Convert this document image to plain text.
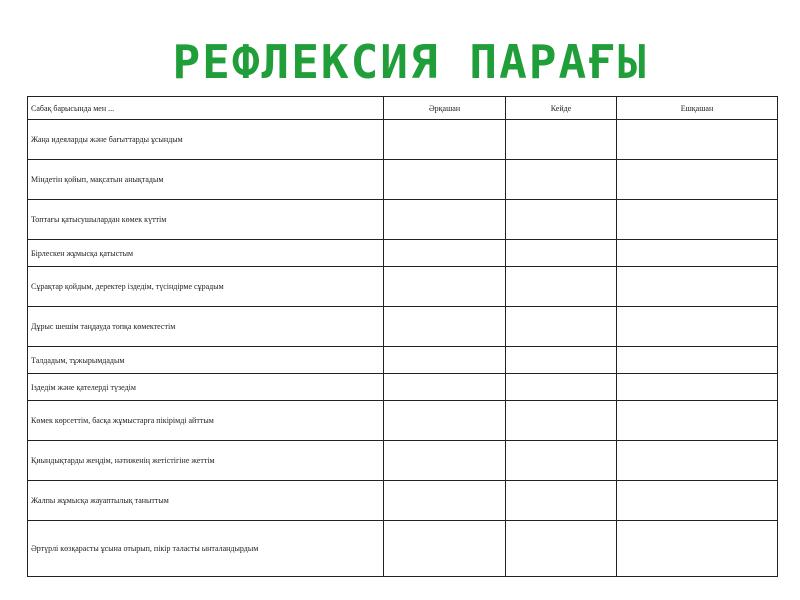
РЕФЛЕКСИЯ ПАРАҒЫ
Сабақ барысында мен ...	Әрқашан	Кейде	Ешқашан
Жаңа идеяларды және бағыттарды ұсындым			
Міндетін қойып, мақсатын анықтадым			
Топтағы қатысушылардан көмек күттім			
Бірлескен жұмысқа қатыстым			
Сұрақтар қойдым, деректер іздедім, түсіндірме сұрадым			
Дұрыс шешім таңдауда топқа көмектестім			
Талдадым, тұжырымдадым			
Іздедім және қателерді түзедім			
Көмек көрсеттім, басқа жұмыстарға пікірімді айттым			
Қиындықтарды жеңдім, нәтиженің жетістігіне жеттім			
Жалпы жұмысқа жауаптылық таныттым			
Әртүрлі көзқарасты ұсына отырып, пікір таласты ынталандырдым			
